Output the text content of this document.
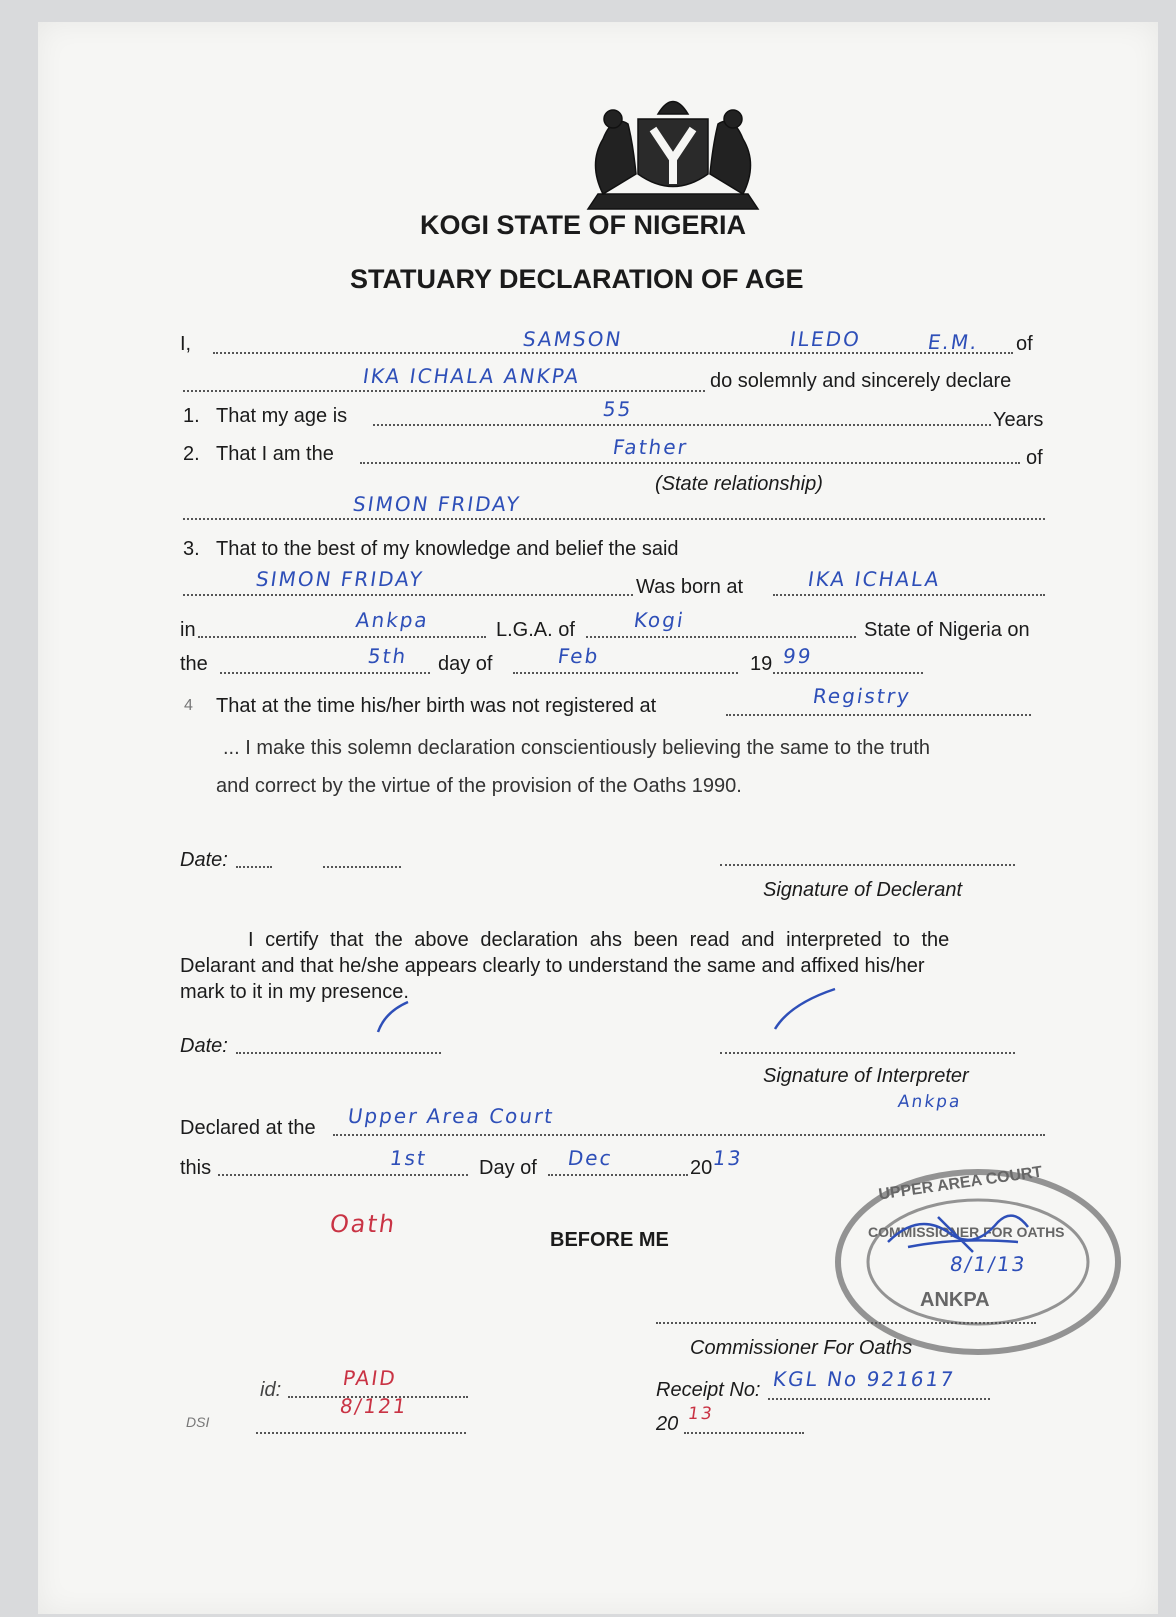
KOGI STATE OF NIGERIA
STATUARY DECLARATION OF AGE
I,	SAMSON	ILEDO	E.M. of
IKA ICHALA ANKPA	do solemnly and sincerely declare
1. That my age is	55	Years
2. That I am the	Father	of
(State relationship)
SIMON FRIDAY
3. That to the best of my knowledge and belief the said
SIMON FRIDAY	Was born at	IKA ICHALA
in	Ankpa	L.G.A. of	Kogi	State of Nigeria on
the	5th day of	Feb	19 99
4 That at the time his/her birth was not registered at	Registry
... I make this solemn declaration conscientiously believing the same to the truth
and correct by the virtue of the provision of the Oaths 1990.
Date:
Signature of Declerant
I certify that the above declaration ahs been read and interpreted to the
Delarant and that he/she appears clearly to understand the same and affixed his/her
mark to it in my presence.
Date:
Signature of Interpreter
Declared at the Upper Area Court
Ankpa
this	1st	Day of Dec	20 13
Oath
BEFORE ME
UPPER AREA COURT
COMMISSIONER FOR OATHS
ANKPA
8/1/13
Commissioner For Oaths
id:	PAID
8/121
DSI
Receipt No: KGL No 921617
20 13
